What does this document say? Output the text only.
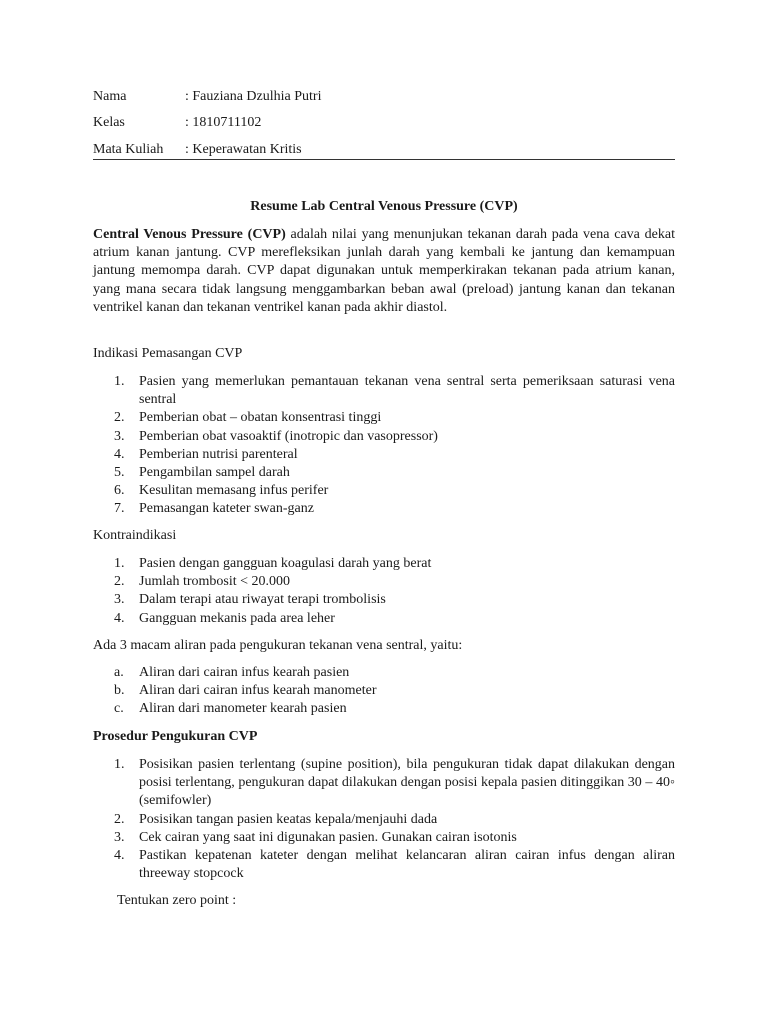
Nama	: Fauziana Dzulhia Putri
Kelas	: 1810711102
Mata Kuliah : Keperawatan Kritis
Resume Lab Central Venous Pressure (CVP)

Central Venous Pressure (CVP) adalah nilai yang menunjukan tekanan darah pada vena cava dekat atrium kanan jantung. CVP merefleksikan junlah darah yang kembali ke jantung dan kemampuan jantung memompa darah. CVP dapat digunakan untuk memperkirakan tekanan pada atrium kanan, yang mana secara tidak langsung menggambarkan beban awal (preload) jantung kanan dan tekanan ventrikel kanan dan tekanan ventrikel kanan pada akhir diastol.

Indikasi Pemasangan CVP
1. Pasien yang memerlukan pemantauan tekanan vena sentral serta pemeriksaan saturasi vena sentral
2. Pemberian obat – obatan konsentrasi tinggi
3. Pemberian obat vasoaktif (inotropic dan vasopressor)
4. Pemberian nutrisi parenteral
5. Pengambilan sampel darah
6. Kesulitan memasang infus perifer
7. Pemasangan kateter swan-ganz
Kontraindikasi
1. Pasien dengan gangguan koagulasi darah yang berat
2. Jumlah trombosit < 20.000
3. Dalam terapi atau riwayat terapi trombolisis
4. Gangguan mekanis pada area leher
Ada 3 macam aliran pada pengukuran tekanan vena sentral, yaitu:
a. Aliran dari cairan infus kearah pasien
b. Aliran dari cairan infus kearah manometer
c. Aliran dari manometer kearah pasien
Prosedur Pengukuran CVP
1. Posisikan pasien terlentang (supine position), bila pengukuran tidak dapat dilakukan dengan posisi terlentang, pengukuran dapat dilakukan dengan posisi kepala pasien ditinggikan 30 – 40◦ (semifowler)
2. Posisikan tangan pasien keatas kepala/menjauhi dada
3. Cek cairan yang saat ini digunakan pasien. Gunakan cairan isotonis
4. Pastikan kepatenan kateter dengan melihat kelancaran aliran cairan infus dengan aliran threeway stopcock
Tentukan zero point :
